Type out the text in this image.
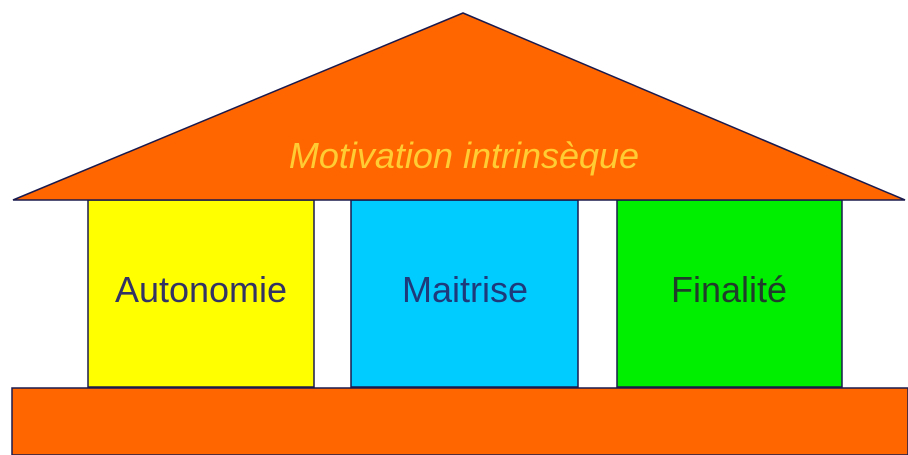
Autonomie	Maitrise	Finalité
Motivation intrinsèque
